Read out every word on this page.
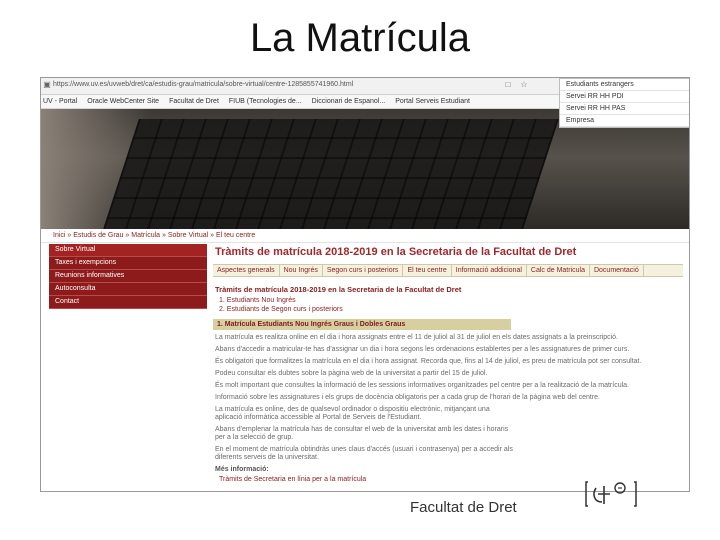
La Matrícula
▣ https://www.uv.es/uvweb/dret/ca/estudis-grau/matricula/sobre-virtual/centre-1285855741960.html	□	☆
UV - Portal Oracle WebCenter Site Facultat de Dret FIUB (Tecnologies de... Diccionari de Espanol... Portal Serveis Estudiant
Estudiants estrangers
Servei RR HH PDI
Servei RR HH PAS
Empresa
Inici » Estudis de Grau » Matrícula » Sobre Virtual » El teu centre
Sobre Virtual
Taxes i exempcions
Reunions informatives
Autoconsulta
Contact
Tràmits de matrícula 2018-2019 en la Secretaria de la Facultat de Dret
Aspectes generals	Nou Ingrés	Segon curs i posteriors	El teu centre	Informació addicional	Calc de Matricula	Documentació
Tràmits de matrícula 2018-2019 en la Secretaria de la Facultat de Dret
1. Estudiants Nou Ingrés
2. Estudiants de Segon curs i posteriors
1. Matrícula Estudiants Nou Ingrés Graus i Dobles Graus
La matrícula es realitza online en el dia i hora assignats entre el 11 de juliol al 31 de juliol en els dates assignats a la preinscripció.
Abans d'accedir a matricular-te has d'assignar un dia i hora segons les ordenacions establertes per a les assignatures de primer curs.
És obligatori que formalitzes la matrícula en el dia i hora assignat. Recorda que, fins al 14 de juliol, es preu de matrícula pot ser consultat.
Podeu consultar els dubtes sobre la pàgina web de la universitat a partir del 15 de juliol.
És molt important que consultes la informació de les sessions informatives organitzades pel centre per a la realització de la matrícula.
Informació sobre les assignatures i els grups de docència obligatoris per a cada grup de l'horari de la pàgina web del centre.
La matrícula es online, des de qualsevol ordinador o dispositiu electrònic, mitjançant una aplicació informàtica accessible al Portal de Serveis de l'Estudiant.
Abans d'emplenar la matrícula has de consultar el web de la universitat amb les dates i horaris per a la selecció de grup.
En el moment de matrícula obtindràs unes claus d'accés (usuari i contrasenya) per a accedir als diferents serveis de la universitat.
Més informació:
Tràmits de Secretaria en línia per a la matrícula
Facultat de Dret
